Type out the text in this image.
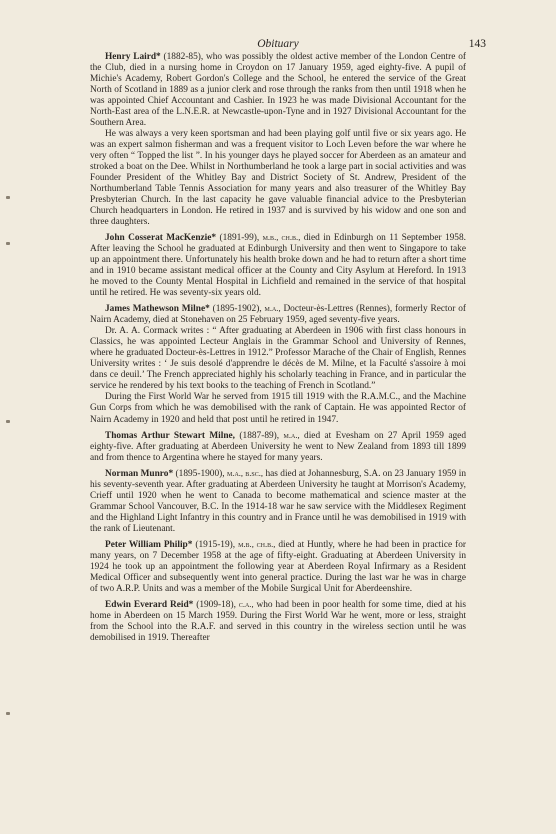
Obituary	143

Henry Laird* (1882-85), who was possibly the oldest active member of the London Centre of the Club, died in a nursing home in Croydon on 17 January 1959, aged eighty-five. A pupil of Michie's Academy, Robert Gordon's College and the School, he entered the service of the Great North of Scotland in 1889 as a junior clerk and rose through the ranks from then until 1918 when he was appointed Chief Accountant and Cashier. In 1923 he was made Divisional Accountant for the North-East area of the L.N.E.R. at Newcastle-upon-Tyne and in 1927 Divisional Accountant for the Southern Area.

He was always a very keen sportsman and had been playing golf until five or six years ago. He was an expert salmon fisherman and was a frequent visitor to Loch Leven before the war where he very often “ Topped the list ”. In his younger days he played soccer for Aberdeen as an amateur and stroked a boat on the Dee. Whilst in Northumberland he took a large part in social activities and was Founder President of the Whitley Bay and District Society of St. Andrew, President of the Northumberland Table Tennis Association for many years and also treasurer of the Whitley Bay Presbyterian Church. In the last capacity he gave valuable financial advice to the Presbyterian Church headquarters in London. He retired in 1937 and is survived by his widow and one son and three daughters.

John Cosserat MacKenzie* (1891-99), m.b., ch.b., died in Edinburgh on 11 September 1958. After leaving the School he graduated at Edinburgh University and then went to Singapore to take up an appointment there. Unfortunately his health broke down and he had to return after a short time and in 1910 became assistant medical officer at the County and City Asylum at Hereford. In 1913 he moved to the County Mental Hospital in Lichfield and remained in the service of that hospital until he retired. He was seventy-six years old.

James Mathewson Milne* (1895-1902), m.a., Docteur-ès-Lettres (Rennes), formerly Rector of Nairn Academy, died at Stonehaven on 25 February 1959, aged seventy-five years.

Dr. A. A. Cormack writes : “ After graduating at Aberdeen in 1906 with first class honours in Classics, he was appointed Lecteur Anglais in the Grammar School and University of Rennes, where he graduated Docteur-ès-Lettres in 1912.” Professor Marache of the Chair of English, Rennes University writes : ‘ Je suis desolé d'apprendre le décès de M. Milne, et la Faculté s'assoire à moi dans ce deuil.’ The French appreciated highly his scholarly teaching in France, and in particular the service he rendered by his text books to the teaching of French in Scotland.”

During the First World War he served from 1915 till 1919 with the R.A.M.C., and the Machine Gun Corps from which he was demobilised with the rank of Captain. He was appointed Rector of Nairn Academy in 1920 and held that post until he retired in 1947.

Thomas Arthur Stewart Milne, (1887-89), m.a., died at Evesham on 27 April 1959 aged eighty-five. After graduating at Aberdeen University he went to New Zealand from 1893 till 1899 and from thence to Argentina where he stayed for many years.

Norman Munro* (1895-1900), m.a., b.sc., has died at Johannesburg, S.A. on 23 January 1959 in his seventy-seventh year. After graduating at Aberdeen University he taught at Morrison's Academy, Crieff until 1920 when he went to Canada to become mathematical and science master at the Grammar School Vancouver, B.C. In the 1914-18 war he saw service with the Middlesex Regiment and the Highland Light Infantry in this country and in France until he was demobilised in 1919 with the rank of Lieutenant.

Peter William Philip* (1915-19), m.b., ch.b., died at Huntly, where he had been in practice for many years, on 7 December 1958 at the age of fifty-eight. Graduating at Aberdeen University in 1924 he took up an appointment the following year at Aberdeen Royal Infirmary as a Resident Medical Officer and subsequently went into general practice. During the last war he was in charge of two A.R.P. Units and was a member of the Mobile Surgical Unit for Aberdeenshire.

Edwin Everard Reid* (1909-18), c.a., who had been in poor health for some time, died at his home in Aberdeen on 15 March 1959. During the First World War he went, more or less, straight from the School into the R.A.F. and served in this country in the wireless section until he was demobilised in 1919. Thereafter
